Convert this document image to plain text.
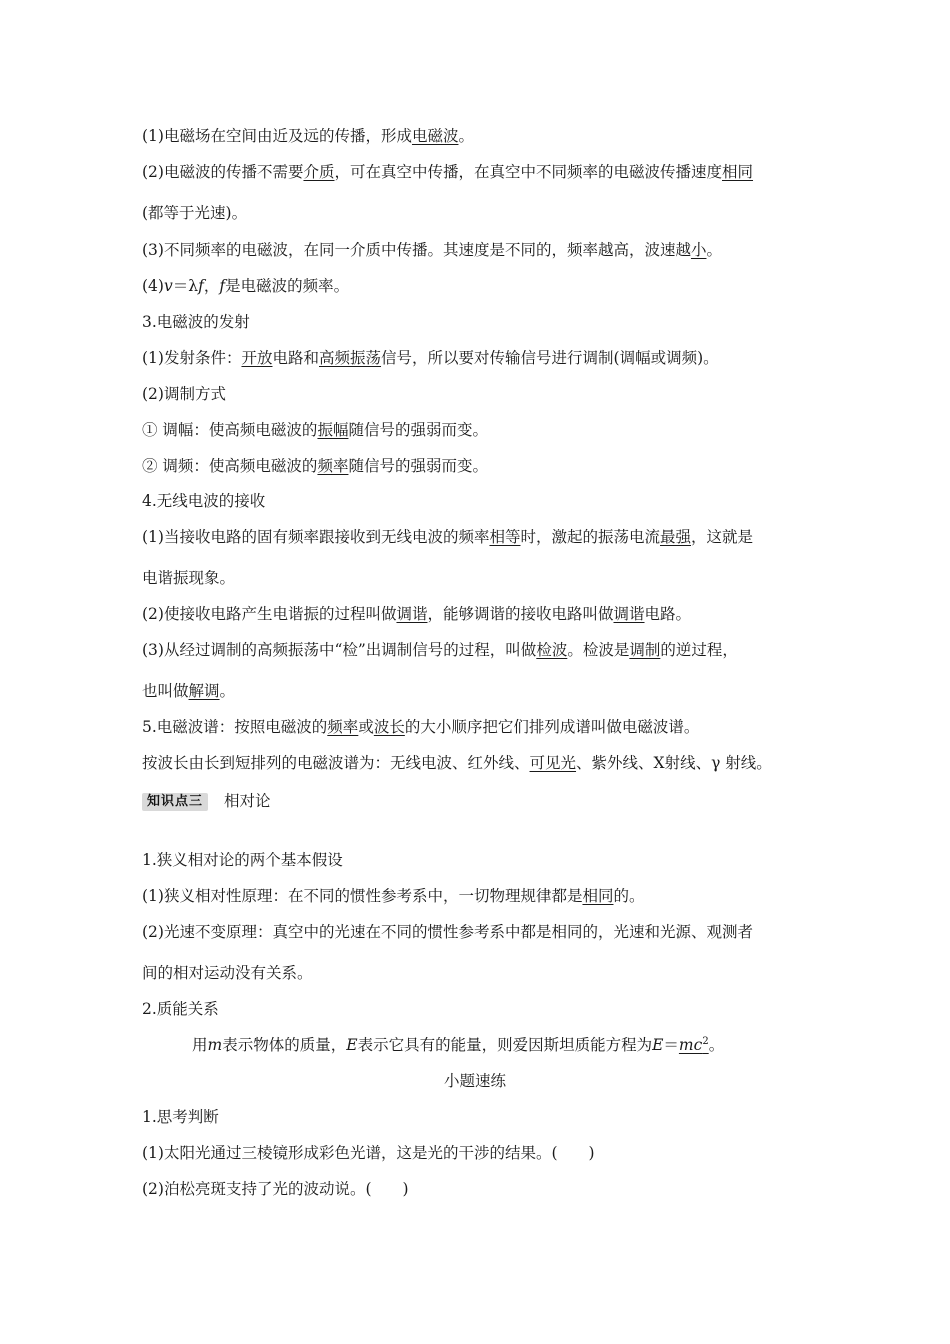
(1)电磁场在空间由近及远的传播，形成电磁波。
(2)电磁波的传播不需要介质，可在真空中传播，在真空中不同频率的电磁波传播速度相同
(都等于光速)。
(3)不同频率的电磁波，在同一介质中传播。其速度是不同的，频率越高，波速越小。
(4)v＝λf，f是电磁波的频率。
3.电磁波的发射
(1)发射条件：开放电路和高频振荡信号，所以要对传输信号进行调制(调幅或调频)。
(2)调制方式
① 调幅：使高频电磁波的振幅随信号的强弱而变。
② 调频：使高频电磁波的频率随信号的强弱而变。
4.无线电波的接收
(1)当接收电路的固有频率跟接收到无线电波的频率相等时，激起的振荡电流最强，这就是
电谐振现象。
(2)使接收电路产生电谐振的过程叫做调谐，能够调谐的接收电路叫做调谐电路。
(3)从经过调制的高频振荡中“检”出调制信号的过程，叫做检波。检波是调制的逆过程，
也叫做解调。
5.电磁波谱：按照电磁波的频率或波长的大小顺序把它们排列成谱叫做电磁波谱。
按波长由长到短排列的电磁波谱为：无线电波、红外线、可见光、紫外线、X射线、γ 射线。
知识点三 相对论
1.狭义相对论的两个基本假设
(1)狭义相对性原理：在不同的惯性参考系中，一切物理规律都是相同的。
(2)光速不变原理：真空中的光速在不同的惯性参考系中都是相同的，光速和光源、观测者
间的相对运动没有关系。
2.质能关系
用m表示物体的质量，E表示它具有的能量，则爱因斯坦质能方程为$E=mc^2$。
小题速练
1.思考判断
(1)太阳光通过三棱镜形成彩色光谱，这是光的干涉的结果。(　　)
(2)泊松亮斑支持了光的波动说。(　　)
